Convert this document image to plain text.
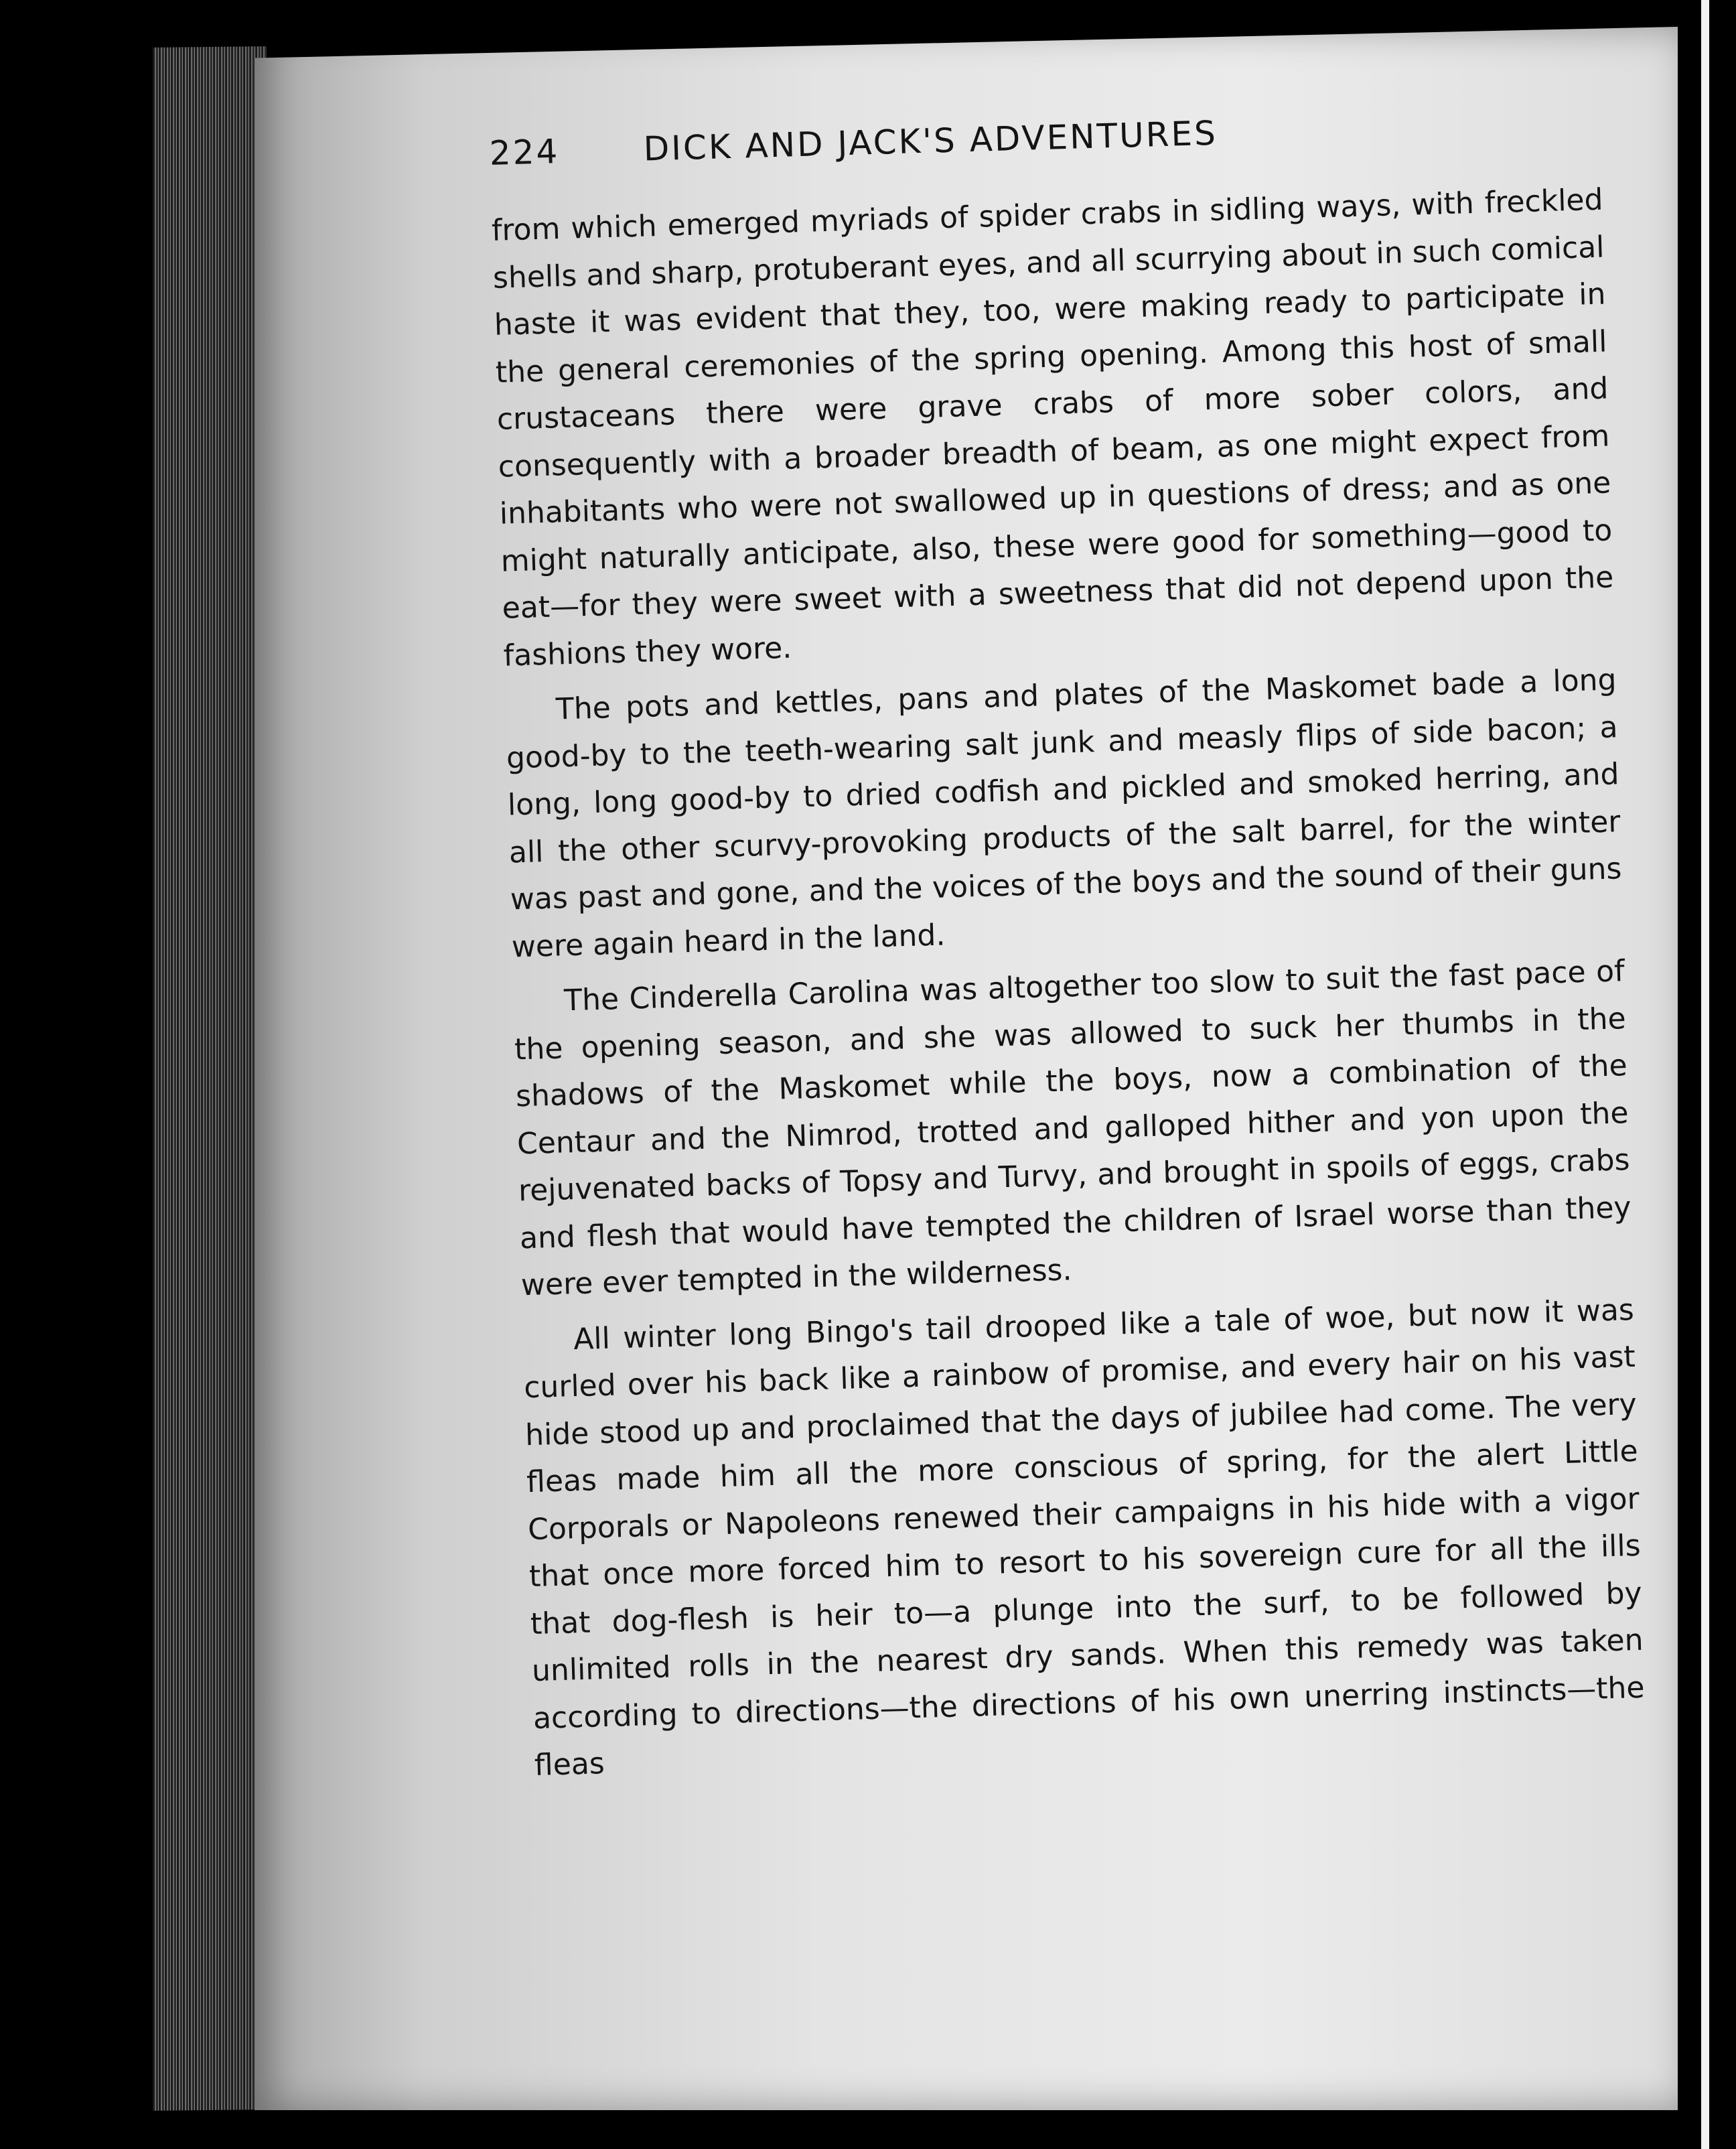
224	DICK AND JACK'S ADVENTURES

from which emerged myriads of spider crabs in sidling ways, with freckled shells and sharp, protuberant eyes, and all scurrying about in such comical haste it was evident that they, too, were making ready to participate in the general ceremonies of the spring opening. Among this host of small crustaceans there were grave crabs of more sober colors, and consequently with a broader breadth of beam, as one might expect from inhabitants who were not swallowed up in questions of dress; and as one might naturally anticipate, also, these were good for something—good to eat—for they were sweet with a sweetness that did not depend upon the fashions they wore.

The pots and kettles, pans and plates of the Maskomet bade a long good-by to the teeth-wearing salt junk and measly flips of side bacon; a long, long good-by to dried codfish and pickled and smoked herring, and all the other scurvy-provoking products of the salt barrel, for the winter was past and gone, and the voices of the boys and the sound of their guns were again heard in the land.

The Cinderella Carolina was altogether too slow to suit the fast pace of the opening season, and she was allowed to suck her thumbs in the shadows of the Maskomet while the boys, now a combination of the Centaur and the Nimrod, trotted and galloped hither and yon upon the rejuvenated backs of Topsy and Turvy, and brought in spoils of eggs, crabs and flesh that would have tempted the children of Israel worse than they were ever tempted in the wilderness.

All winter long Bingo's tail drooped like a tale of woe, but now it was curled over his back like a rainbow of promise, and every hair on his vast hide stood up and proclaimed that the days of jubilee had come. The very fleas made him all the more conscious of spring, for the alert Little Corporals or Napoleons renewed their campaigns in his hide with a vigor that once more forced him to resort to his sovereign cure for all the ills that dog-flesh is heir to—a plunge into the surf, to be followed by unlimited rolls in the nearest dry sands. When this remedy was taken according to directions—the directions of his own unerring instincts—the fleas
